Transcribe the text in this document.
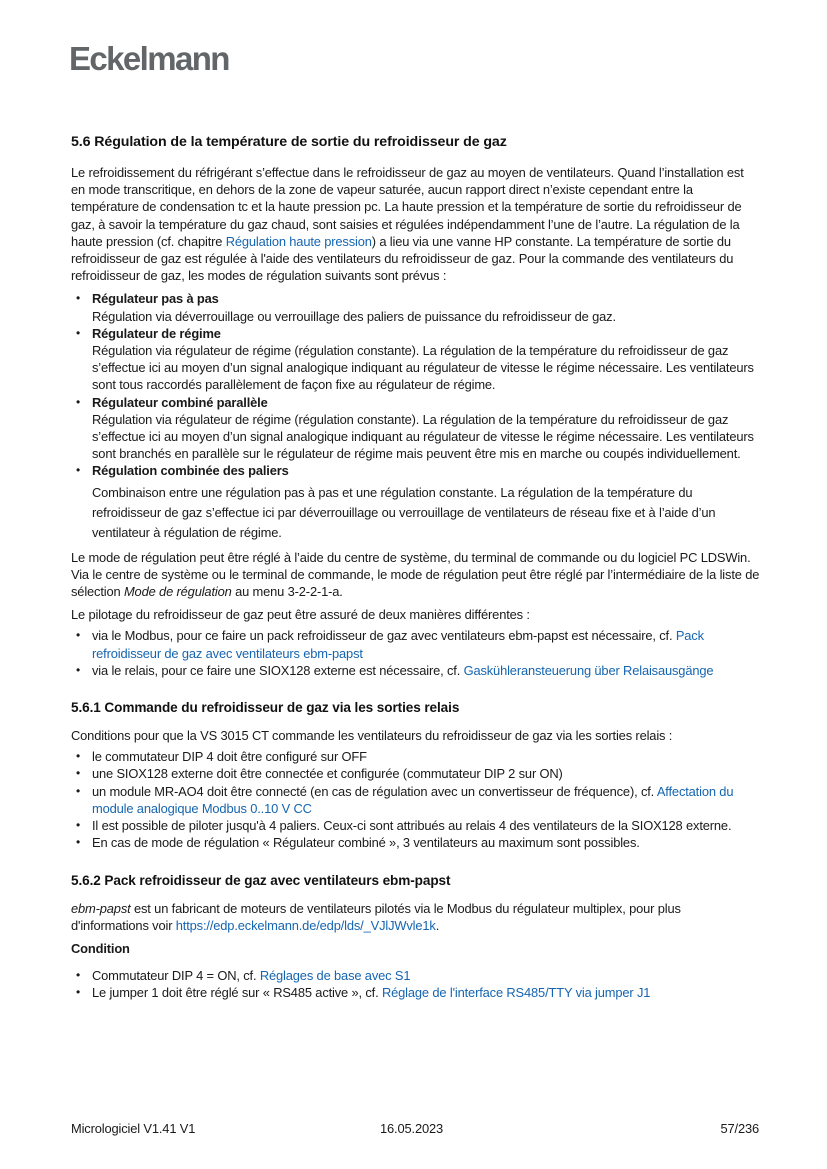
Eckelmann
5.6 Régulation de la température de sortie du refroidisseur de gaz

Le refroidissement du réfrigérant s’effectue dans le refroidisseur de gaz au moyen de ventilateurs. Quand l’installation est en mode transcritique, en dehors de la zone de vapeur saturée, aucun rapport direct n’existe cependant entre la température de condensation tc et la haute pression pc. La haute pression et la température de sortie du refroidisseur de gaz, à savoir la température du gaz chaud, sont saisies et régulées indépendamment l’une de l’autre. La régulation de la haute pression (cf. chapitre Régulation haute pression) a lieu via une vanne HP constante. La température de sortie du refroidisseur de gaz est régulée à l'aide des ventilateurs du refroidisseur de gaz. Pour la commande des ventilateurs du refroidisseur de gaz, les modes de régulation suivants sont prévus :

• Régulateur pas à pas
Régulation via déverrouillage ou verrouillage des paliers de puissance du refroidisseur de gaz.
• Régulateur de régime
Régulation via régulateur de régime (régulation constante). La régulation de la température du refroidisseur de gaz s’effectue ici au moyen d’un signal analogique indiquant au régulateur de vitesse le régime nécessaire. Les ventilateurs sont tous raccordés parallèlement de façon fixe au régulateur de régime.
• Régulateur combiné parallèle
Régulation via régulateur de régime (régulation constante). La régulation de la température du refroidisseur de gaz s’effectue ici au moyen d’un signal analogique indiquant au régulateur de vitesse le régime nécessaire. Les ventilateurs sont branchés en parallèle sur le régulateur de régime mais peuvent être mis en marche ou coupés individuellement.
• Régulation combinée des paliers
Combinaison entre une régulation pas à pas et une régulation constante. La régulation de la température du refroidisseur de gaz s’effectue ici par déverrouillage ou verrouillage de ventilateurs de réseau fixe et à l’aide d’un ventilateur à régulation de régime.

Le mode de régulation peut être réglé à l’aide du centre de système, du terminal de commande ou du logiciel PC LDSWin. Via le centre de système ou le terminal de commande, le mode de régulation peut être réglé par l’intermédiaire de la liste de sélection Mode de régulation au menu 3-2-2-1-a.

Le pilotage du refroidisseur de gaz peut être assuré de deux manières différentes :

• via le Modbus, pour ce faire un pack refroidisseur de gaz avec ventilateurs ebm-papst est nécessaire, cf. Pack refroidisseur de gaz avec ventilateurs ebm-papst
• via le relais, pour ce faire une SIOX128 externe est nécessaire, cf. Gaskühleransteuerung über Relaisausgänge
5.6.1 Commande du refroidisseur de gaz via les sorties relais

Conditions pour que la VS 3015 CT commande les ventilateurs du refroidisseur de gaz via les sorties relais :

• le commutateur DIP 4 doit être configuré sur OFF
• une SIOX128 externe doit être connectée et configurée (commutateur DIP 2 sur ON)
• un module MR-AO4 doit être connecté (en cas de régulation avec un convertisseur de fréquence), cf. Affectation du module analogique Modbus 0..10 V CC
• Il est possible de piloter jusqu'à 4 paliers. Ceux-ci sont attribués au relais 4 des ventilateurs de la SIOX128 externe.
• En cas de mode de régulation « Régulateur combiné », 3 ventilateurs au maximum sont possibles.
5.6.2 Pack refroidisseur de gaz avec ventilateurs ebm-papst

ebm-papst est un fabricant de moteurs de ventilateurs pilotés via le Modbus du régulateur multiplex, pour plus d'informations voir https://edp.eckelmann.de/edp/lds/_VJlJWvle1k.

Condition

• Commutateur DIP 4 = ON, cf. Réglages de base avec S1
• Le jumper 1 doit être réglé sur « RS485 active », cf. Réglage de l'interface RS485/TTY via jumper J1
Micrologiciel V1.41 V1	16.05.2023	57/236
